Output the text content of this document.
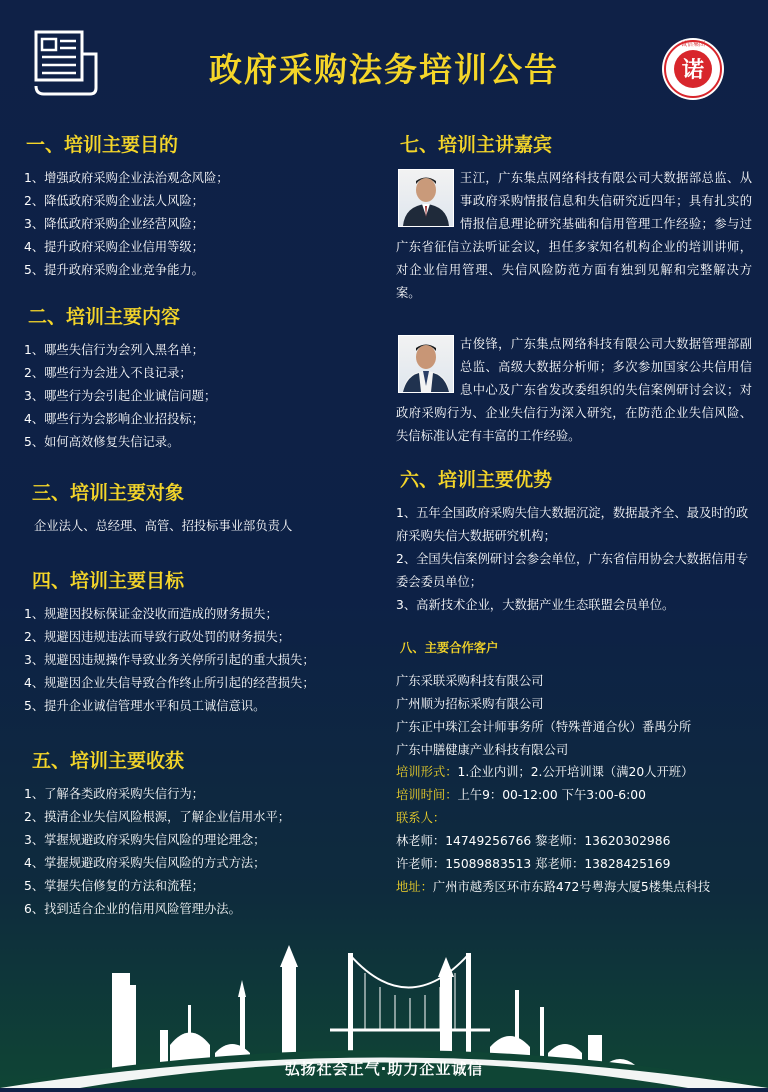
政府采购法务培训公告	诺
诚信集团
一、培训主要目的
1、增强政府采购企业法治观念风险；
2、降低政府采购企业法人风险；
3、降低政府采购企业经营风险；
4、提升政府采购企业信用等级；
5、提升政府采购企业竞争能力。
二、培训主要内容
1、哪些失信行为会列入黑名单；
2、哪些行为会进入不良记录；
3、哪些行为会引起企业诚信问题；
4、哪些行为会影响企业招投标；
5、如何高效修复失信记录。
三、培训主要对象
企业法人、总经理、高管、招投标事业部负责人
四、培训主要目标
1、规避因投标保证金没收而造成的财务损失；
2、规避因违规违法而导致行政处罚的财务损失；
3、规避因违规操作导致业务关停所引起的重大损失；
4、规避因企业失信导致合作终止所引起的经营损失；
5、提升企业诚信管理水平和员工诚信意识。
五、培训主要收获
1、了解各类政府采购失信行为；
2、摸清企业失信风险根源，了解企业信用水平；
3、掌握规避政府采购失信风险的理论理念；
4、掌握规避政府采购失信风险的方式方法；
5、掌握失信修复的方法和流程；
6、找到适合企业的信用风险管理办法。
七、培训主讲嘉宾
王江，广东集点网络科技有限公司大数据部总监、从事政府采购情报信息和失信研究近四年；具有扎实的情报信息理论研究基础和信用管理工作经验；参与过广东省征信立法听证会议，担任多家知名机构企业的培训讲师，对企业信用管理、失信风险防范方面有独到见解和完整解决方案。
古俊锋，广东集点网络科技有限公司大数据管理部副总监、高级大数据分析师；多次参加国家公共信用信息中心及广东省发改委组织的失信案例研讨会议；对政府采购行为、企业失信行为深入研究，在防范企业失信风险、失信标准认定有丰富的工作经验。
六、培训主要优势
1、五年全国政府采购失信大数据沉淀，数据最齐全、最及时的政府采购失信大数据研究机构；
2、全国失信案例研讨会参会单位，广东省信用协会大数据信用专委会委员单位；
3、高新技术企业，大数据产业生态联盟会员单位。
八、主要合作客户
广东采联采购科技有限公司
广州顺为招标采购有限公司
广东正中珠江会计师事务所（特殊普通合伙）番禺分所
广东中膳健康产业科技有限公司
培训形式：1.企业内训；2.公开培训课（满20人开班）
培训时间：上午9：00-12:00 下午3:00-6:00
联系人：
林老师：14749256766 黎老师：13620302986
许老师：15089883513 郑老师：13828425169
地址：广州市越秀区环市东路472号粤海大厦5楼集点科技
弘扬社会正气·助力企业诚信
